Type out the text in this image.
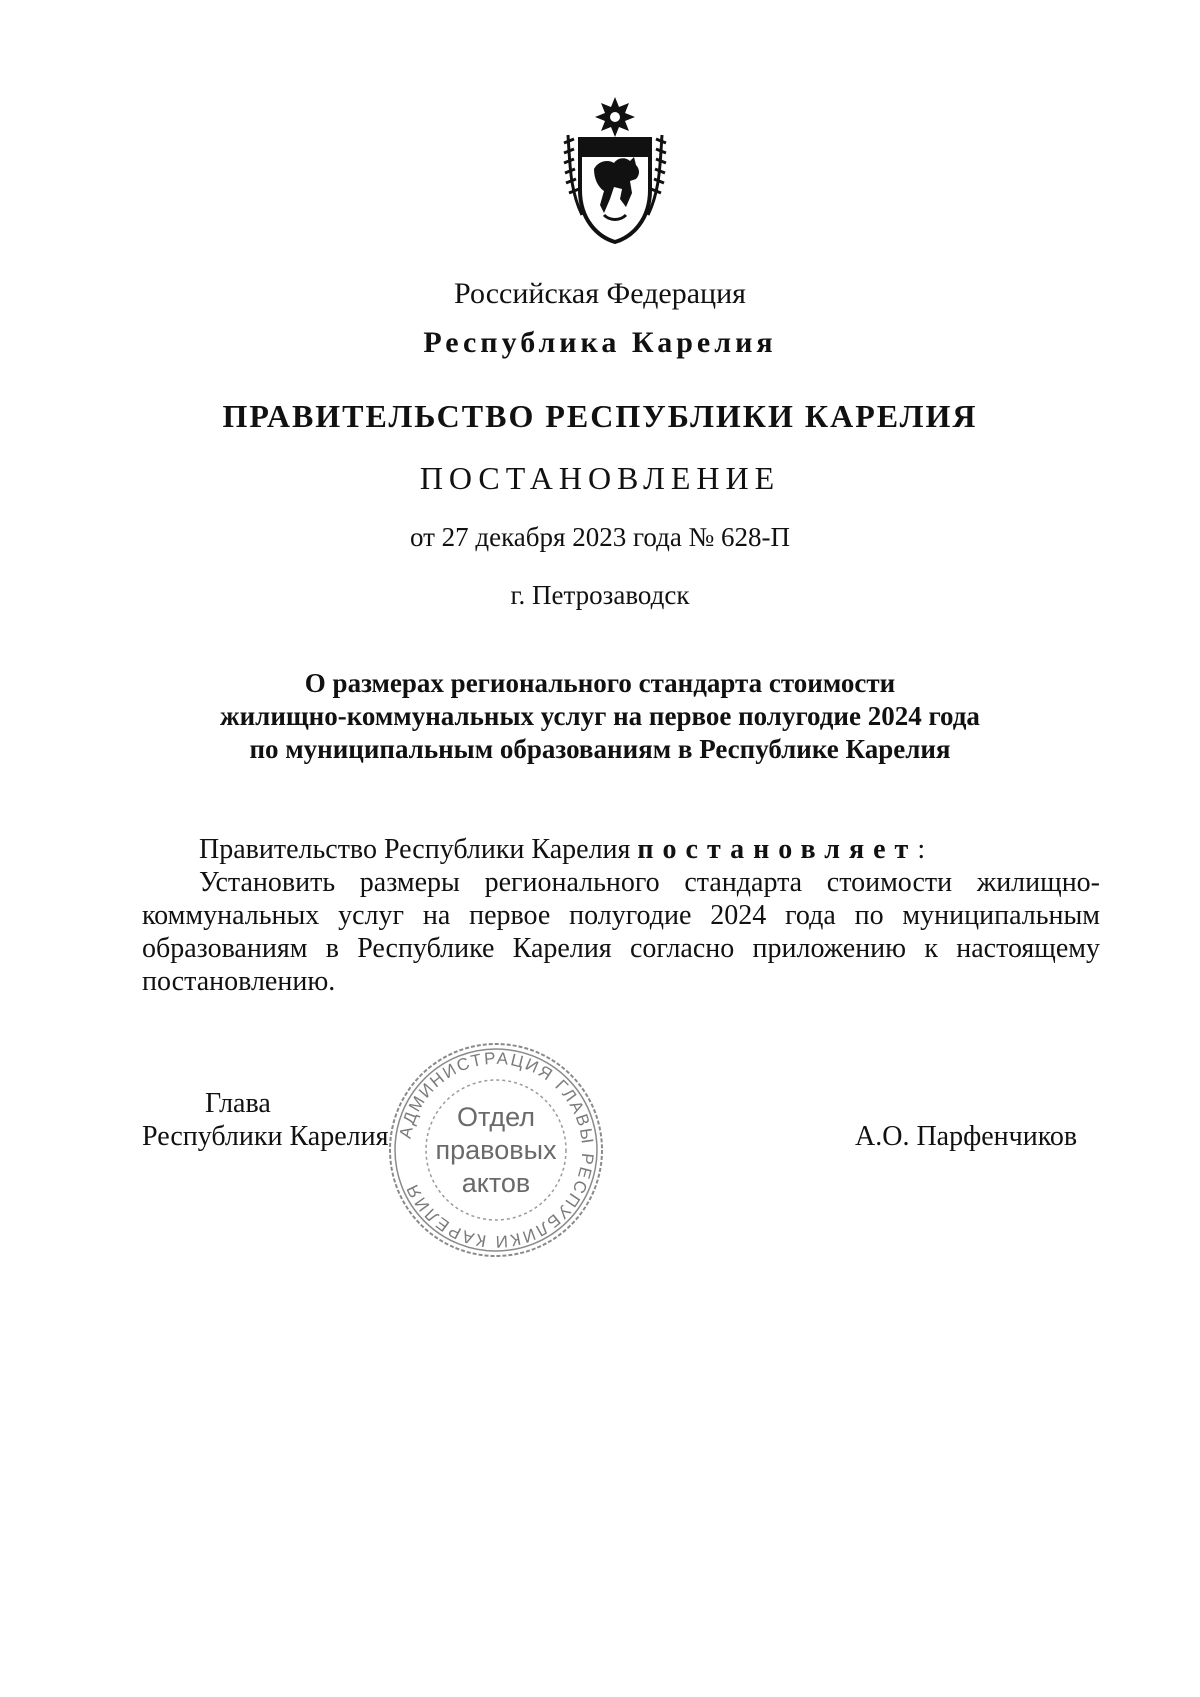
Российская Федерация
Республика Карелия
ПРАВИТЕЛЬСТВО РЕСПУБЛИКИ КАРЕЛИЯ
ПОСТАНОВЛЕНИЕ
от 27 декабря 2023 года № 628-П
г. Петрозаводск
О размерах регионального стандарта стоимости
жилищно-коммунальных услуг на первое полугодие 2024 года
по муниципальным образованиям в Республике Карелия
Правительство Республики Карелия постановляет:
Установить размеры регионального стандарта стоимости жилищно-коммунальных услуг на первое полугодие 2024 года по муниципальным образованиям в Республике Карелия согласно приложению к настоящему постановлению.
Глава
Республики Карелия АДМИНИСТРАЦИЯ ГЛАВЫ РЕСПУБЛИКИ КАРЕЛИЯ
Отдел
правовых
актов
А.О. Парфенчиков
